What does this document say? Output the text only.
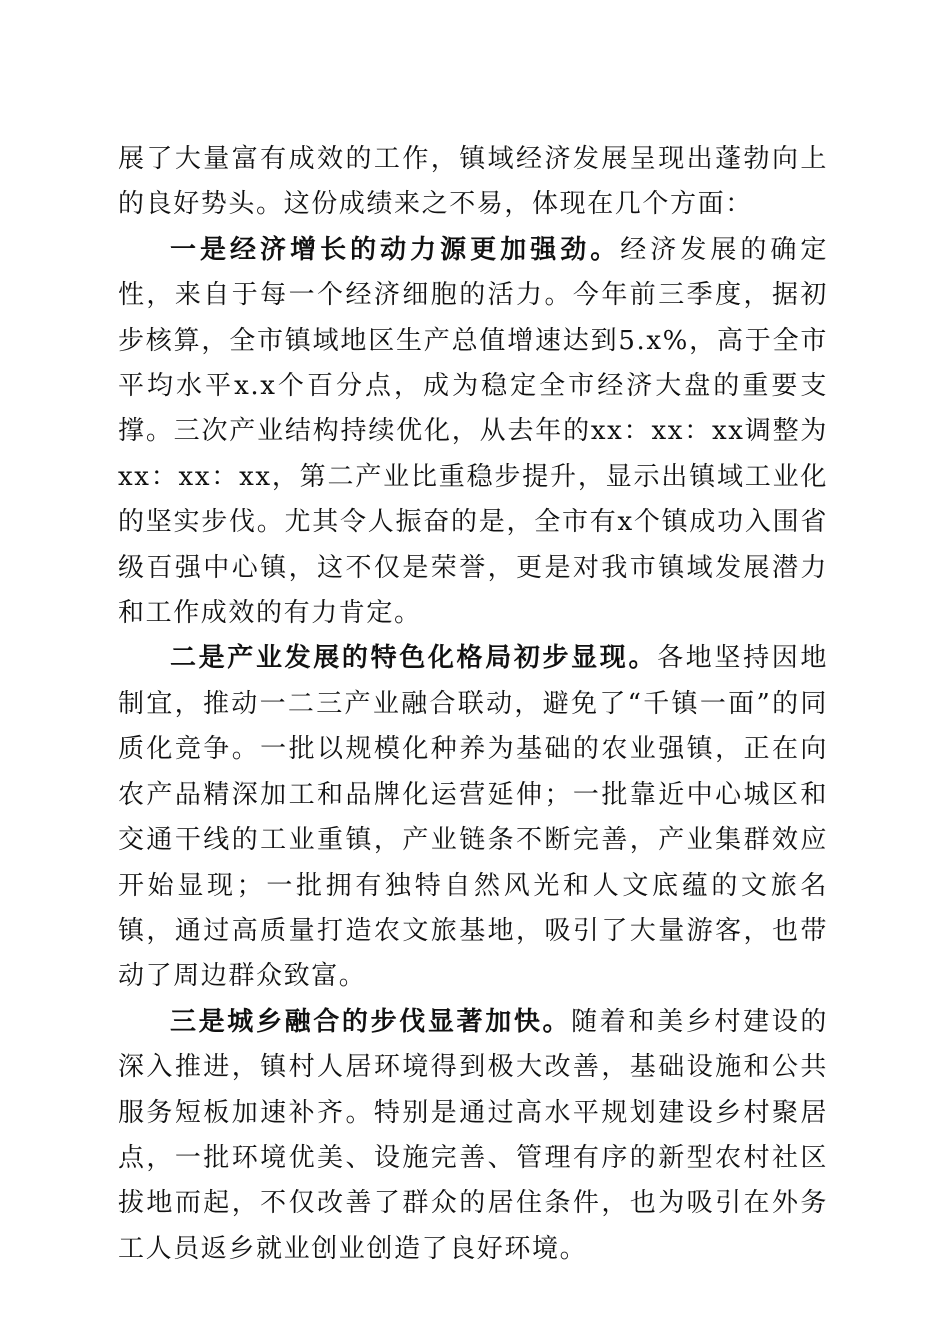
展了大量富有成效的工作，镇域经济发展呈现出蓬勃向上的良好势头。这份成绩来之不易，体现在几个方面：

一是经济增长的动力源更加强劲。经济发展的确定性，来自于每一个经济细胞的活力。今年前三季度，据初步核算，全市镇域地区生产总值增速达到5.x%，高于全市平均水平x.x个百分点，成为稳定全市经济大盘的重要支撑。三次产业结构持续优化，从去年的xx：xx：xx调整为xx：xx：xx，第二产业比重稳步提升，显示出镇域工业化的坚实步伐。尤其令人振奋的是，全市有x个镇成功入围省级百强中心镇，这不仅是荣誉，更是对我市镇域发展潜力和工作成效的有力肯定。

二是产业发展的特色化格局初步显现。各地坚持因地制宜，推动一二三产业融合联动，避免了“千镇一面”的同质化竞争。一批以规模化种养为基础的农业强镇，正在向农产品精深加工和品牌化运营延伸；一批靠近中心城区和交通干线的工业重镇，产业链条不断完善，产业集群效应开始显现；一批拥有独特自然风光和人文底蕴的文旅名镇，通过高质量打造农文旅基地，吸引了大量游客，也带动了周边群众致富。

三是城乡融合的步伐显著加快。随着和美乡村建设的深入推进，镇村人居环境得到极大改善，基础设施和公共服务短板加速补齐。特别是通过高水平规划建设乡村聚居点，一批环境优美、设施完善、管理有序的新型农村社区拔地而起，不仅改善了群众的居住条件，也为吸引在外务工人员返乡就业创业创造了良好环境。
